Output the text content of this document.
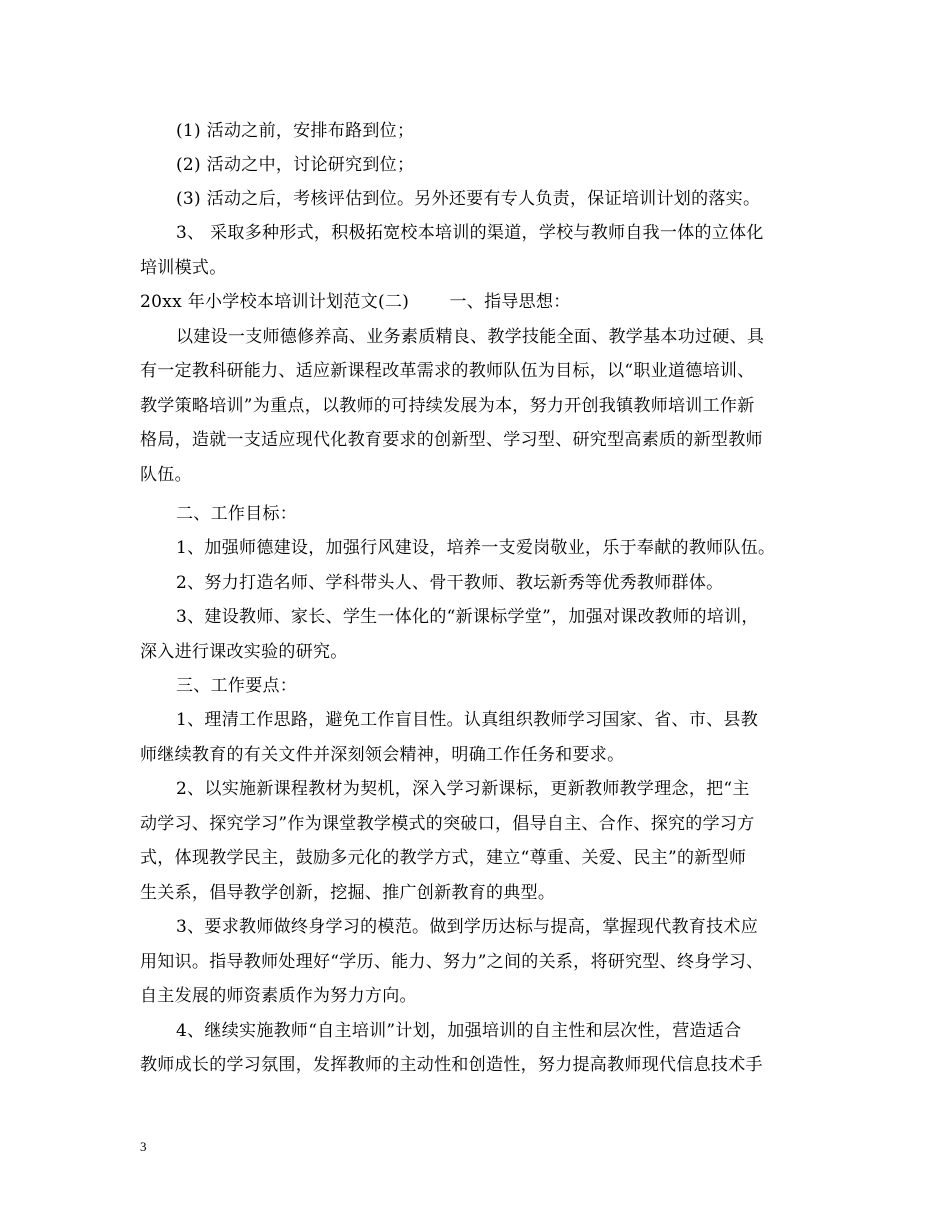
(1) 活动之前，安排布路到位；
(2) 活动之中，讨论研究到位；
(3) 活动之后，考核评估到位。另外还要有专人负责，保证培训计划的落实。
3、 采取多种形式，积极拓宽校本培训的渠道，学校与教师自我一体的立体化
培训模式。
20xx 年小学校本培训计划范文(二)　　 一、指导思想：
以建设一支师德修养高、业务素质精良、教学技能全面、教学基本功过硬、具
有一定教科研能力、适应新课程改革需求的教师队伍为目标，以“职业道德培训、
教学策略培训”为重点，以教师的可持续发展为本，努力开创我镇教师培训工作新
格局，造就一支适应现代化教育要求的创新型、学习型、研究型高素质的新型教师
队伍。
二、工作目标：
1、加强师德建设，加强行风建设，培养一支爱岗敬业，乐于奉献的教师队伍。
2、努力打造名师、学科带头人、骨干教师、教坛新秀等优秀教师群体。
3、建设教师、家长、学生一体化的“新课标学堂”，加强对课改教师的培训，
深入进行课改实验的研究。
三、工作要点：
1、理清工作思路，避免工作盲目性。认真组织教师学习国家、省、市、县教
师继续教育的有关文件并深刻领会精神，明确工作任务和要求。
2、以实施新课程教材为契机，深入学习新课标，更新教师教学理念，把“主
动学习、探究学习”作为课堂教学模式的突破口，倡导自主、合作、探究的学习方
式，体现教学民主，鼓励多元化的教学方式，建立“尊重、关爱、民主”的新型师
生关系，倡导教学创新，挖掘、推广创新教育的典型。
3、要求教师做终身学习的模范。做到学历达标与提高，掌握现代教育技术应
用知识。指导教师处理好“学历、能力、努力”之间的关系，将研究型、终身学习、
自主发展的师资素质作为努力方向。
4、继续实施教师“自主培训”计划，加强培训的自主性和层次性，营造适合
教师成长的学习氛围，发挥教师的主动性和创造性，努力提高教师现代信息技术手
3
